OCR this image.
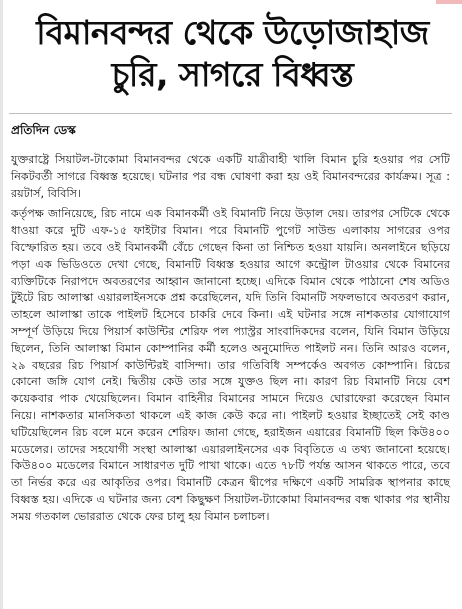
বিমানবন্দর থেকে উড়োজাহাজ
চুরি, সাগরে বিধ্বস্ত
প্রতিদিন ডেস্ক

যুক্তরাষ্ট্রে সিয়াটল-টাকোমা বিমানবন্দর থেকে একটি যাত্রীবাহী খালি বিমান চুরি হওয়ার পর সেটি নিকটবর্তী সাগরে বিধ্বস্ত হয়েছে। ঘটনার পর বন্ধ ঘোষণা করা হয় ওই বিমানবন্দরের কার্যক্রম। সূত্র : রয়টার্স, বিবিসি।

কর্তৃপক্ষ জানিয়েছে, রিচ নামে এক বিমানকর্মী ওই বিমানটি নিয়ে উড়াল দেয়। তারপর সেটিকে থেকে ধাওয়া করে দুটি এফ-১৫ ফাইটার বিমান। পরে বিমানটি পুগেট সাউন্ড এলাকায় সাগরের ওপর বিস্ফোরিত হয়। তবে ওই বিমানকর্মী বেঁচে গেছেন কিনা তা নিশ্চিত হওয়া যায়নি। অনলাইনে ছড়িয়ে পড়া এক ভিডিওতে দেখা গেছে, বিমানটি বিধ্বস্ত হওয়ার আগে কন্ট্রোল টাওয়ার থেকে বিমানের ব্যক্তিটিকে নিরাপদে অবতরণের আহ্বান জানানো হচ্ছে। এদিকে বিমান থেকে পাঠানো শেষ অডিও টুইটে রিচ আলাস্কা এয়ারলাইনসকে প্রশ্ন করেছিলেন, যদি তিনি বিমানটি সফলভাবে অবতরণ করান, তাহলে আলাস্কা তাকে পাইলট হিসেবে চাকরি দেবে কিনা। এই ঘটনার সঙ্গে নাশকতার যোগাযোগ সম্পূর্ণ উড়িয়ে দিয়ে পিয়ার্স কাউন্টির শেরিফ পল প্যাস্ট্রর সাংবাদিকদের বলেন, যিনি বিমান উড়িয়ে ছিলেন, তিনি আলাস্কা বিমান কোম্পানির কর্মী হলেও অনুমোদিত পাইলট নন। তিনি আরও বলেন, ২৯ বছরের রিচ পিয়ার্স কাউন্টিরই বাসিন্দা। তার গতিবিধি সম্পর্কেও অবগত কোম্পানি। রিচের কোনো জঙ্গি যোগ নেই। দ্বিতীয় কেউ তার সঙ্গে যুক্তও ছিল না। কারণ রিচ বিমানটি নিয়ে বেশ কয়েকবার পাক খেয়েছিলেন। বিমান বাহিনীর বিমানের সামনে দিয়েও ঘোরাফেরা করেছেন বিমান নিয়ে। নাশকতার মানসিকতা থাকলে এই কাজ কেউ করে না। পাইলট হওয়ার ইচ্ছাতেই সেই কাণ্ড ঘটিয়েছিলেন রিচ বলে মনে করেন শেরিফ। জানা গেছে, হরাইজন এয়ারের বিমানটি ছিল কিউ৪০০ মডেলের। তাদের সহযোগী সংস্থা আলাস্কা এয়ারলাইনসের এক বিবৃতিতে এ তথ্য জানানো হয়েছে। কিউ৪০০ মডেলের বিমানে সাধারণত দুটি পাখা থাকে। এতে ৭৮টি পর্যন্ত আসন থাকতে পারে, তবে তা নির্ভর করে এর আকৃতির ওপর। বিমানটি কেত্রন দ্বীপের দক্ষিণে একটি সামরিক স্থাপনার কাছে বিধ্বস্ত হয়। এদিকে এ ঘটনার জন্য বেশ কিছুক্ষণ সিয়াটল-ট্যাকোমা বিমানবন্দর বন্ধ থাকার পর স্থানীয় সময় গতকাল ভোররাত থেকে ফের চালু হয় বিমান চলাচল।
